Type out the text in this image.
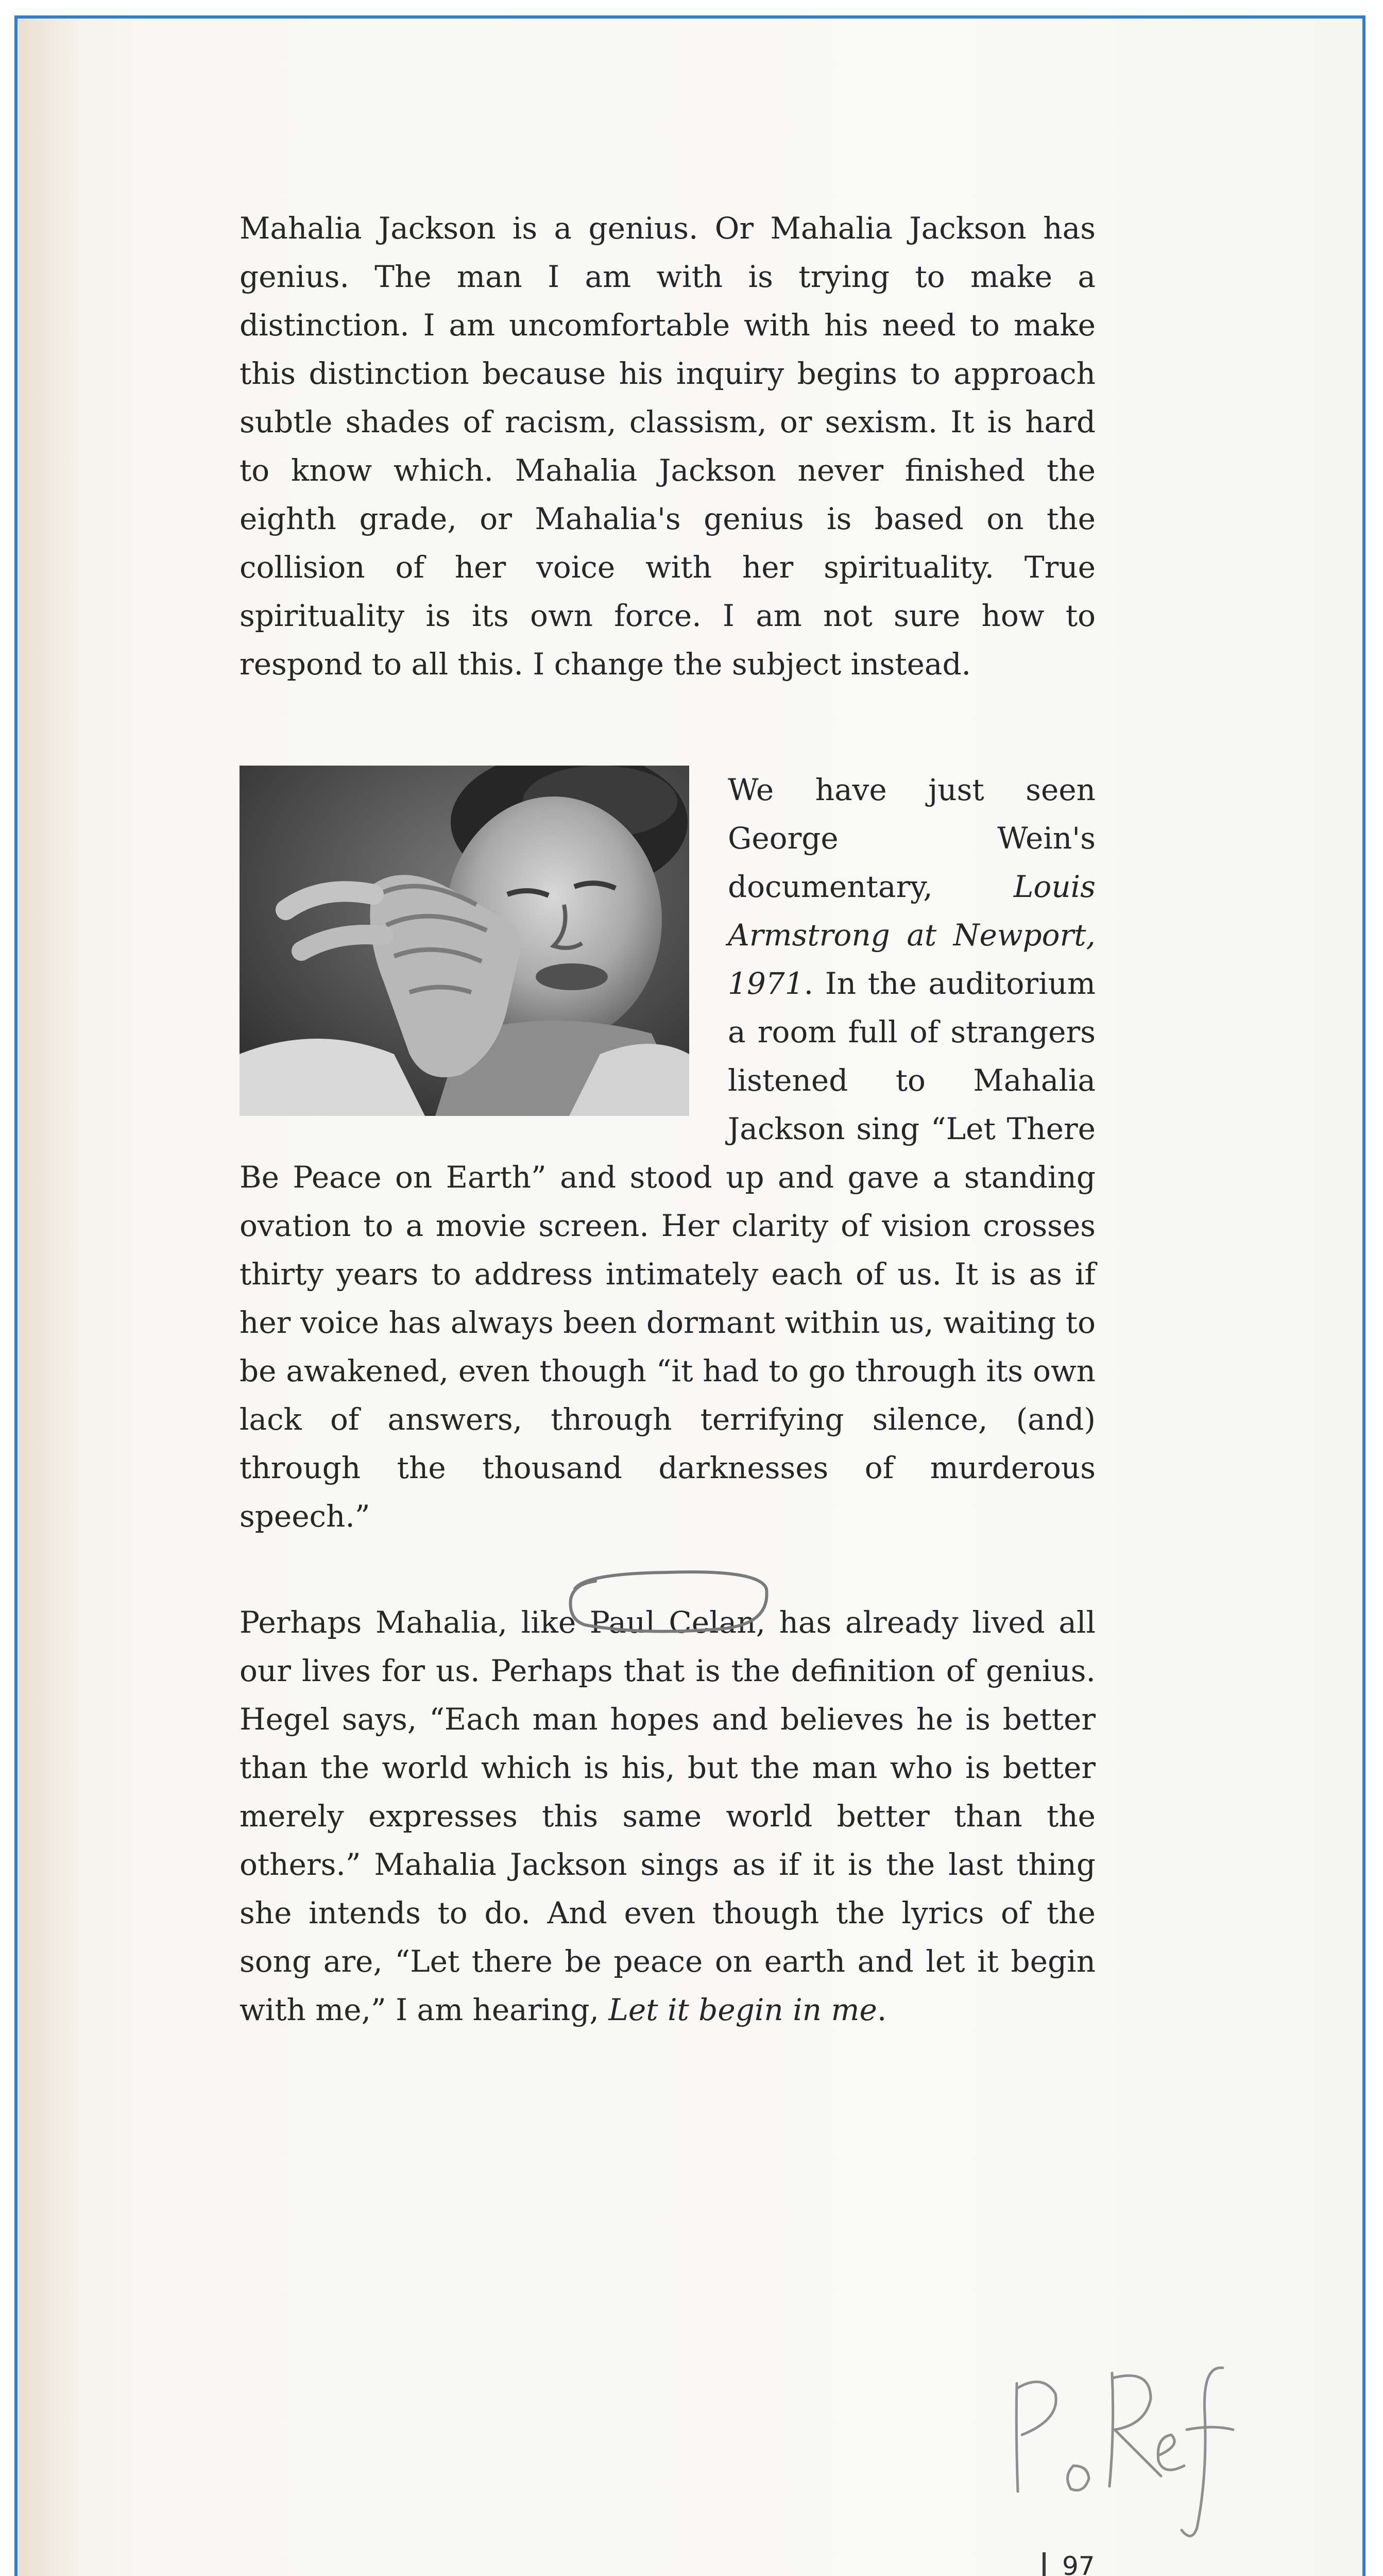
Mahalia Jackson is a genius. Or Mahalia Jackson has genius. The man I am with is trying to make a distinction. I am uncomfortable with his need to make this distinction because his inquiry begins to approach subtle shades of racism, classism, or sexism. It is hard to know which. Mahalia Jackson never finished the eighth grade, or Mahalia's genius is based on the collision of her voice with her spirituality. True spirituality is its own force. I am not sure how to respond to all this. I change the subject instead.

We have just seen George Wein's documentary, Louis Armstrong at Newport, 1971. In the auditorium a room full of strangers listened to Mahalia Jackson sing “Let There Be Peace on Earth” and stood up and gave a standing ovation to a movie screen. Her clarity of vision crosses thirty years to address intimately each of us. It is as if her voice has always been dormant within us, waiting to be awakened, even though “it had to go through its own lack of answers, through terrifying silence, (and) through the thousand darknesses of murderous speech.”

Perhaps Mahalia, like Paul Celan, has already lived all our lives for us. Perhaps that is the definition of genius. Hegel says, “Each man hopes and believes he is better than the world which is his, but the man who is better merely expresses this same world better than the others.” Mahalia Jackson sings as if it is the last thing she intends to do. And even though the lyrics of the song are, “Let there be peace on earth and let it begin with me,” I am hearing, Let it begin in me.

97
